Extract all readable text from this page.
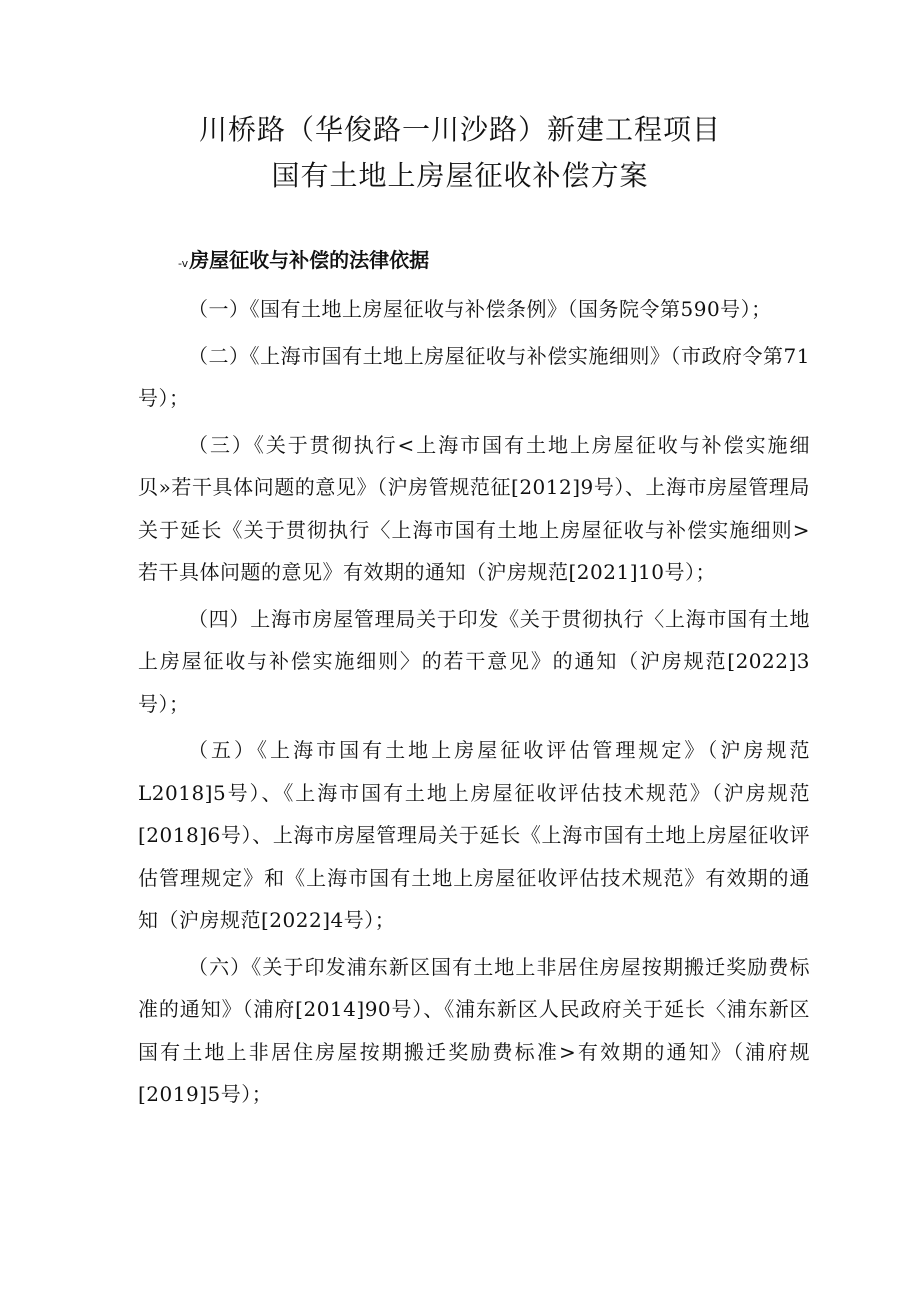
川桥路（华俊路一川沙路）新建工程项目
国有土地上房屋征收补偿方案
-v房屋征收与补偿的法律依据

（一）《国有土地上房屋征收与补偿条例》（国务院令第590号）；

（二）《上海市国有土地上房屋征收与补偿实施细则》（市政府令第71号）；

（三）《关于贯彻执行<上海市国有土地上房屋征收与补偿实施细贝»若干具体问题的意见》（沪房管规范征[2012]9号）、上海市房屋管理局关于延长《关于贯彻执行〈上海市国有土地上房屋征收与补偿实施细则>若干具体问题的意见》有效期的通知（沪房规范[2021]10号）；

（四）上海市房屋管理局关于印发《关于贯彻执行〈上海市国有土地上房屋征收与补偿实施细则〉的若干意见》的通知（沪房规范[2022]3号）；

（五）《上海市国有土地上房屋征收评估管理规定》（沪房规范L2018]5号）、《上海市国有土地上房屋征收评估技术规范》（沪房规范[2018]6号）、上海市房屋管理局关于延长《上海市国有土地上房屋征收评估管理规定》和《上海市国有土地上房屋征收评估技术规范》有效期的通知（沪房规范[2022]4号）；

（六）《关于印发浦东新区国有土地上非居住房屋按期搬迁奖励费标准的通知》（浦府[2014]90号）、《浦东新区人民政府关于延长〈浦东新区国有土地上非居住房屋按期搬迁奖励费标准>有效期的通知》（浦府规[2019]5号）；
